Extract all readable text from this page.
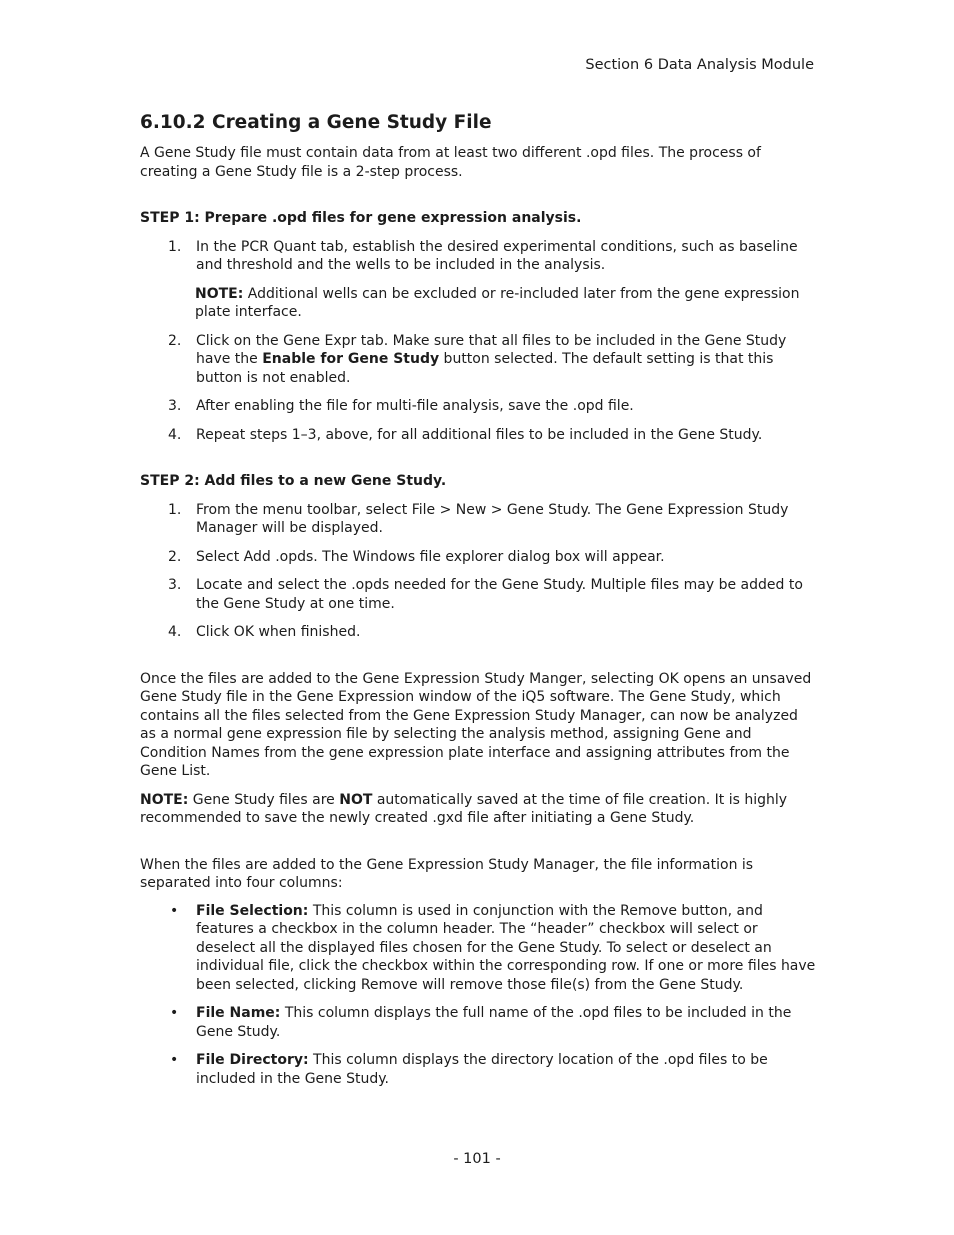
Section 6 Data Analysis Module
6.10.2 Creating a Gene Study File

A Gene Study file must contain data from at least two different .opd files. The process of creating a Gene Study file is a 2-step process.

STEP 1: Prepare .opd files for gene expression analysis.

1. In the PCR Quant tab, establish the desired experimental conditions, such as baseline and threshold and the wells to be included in the analysis.
NOTE: Additional wells can be excluded or re-included later from the gene expression plate interface.
2. Click on the Gene Expr tab. Make sure that all files to be included in the Gene Study have the Enable for Gene Study button selected. The default setting is that this button is not enabled.
3. After enabling the file for multi-file analysis, save the .opd file.
4. Repeat steps 1–3, above, for all additional files to be included in the Gene Study.

STEP 2: Add files to a new Gene Study.

1. From the menu toolbar, select File > New > Gene Study. The Gene Expression Study Manager will be displayed.
2. Select Add .opds. The Windows file explorer dialog box will appear.
3. Locate and select the .opds needed for the Gene Study. Multiple files may be added to the Gene Study at one time.
4. Click OK when finished.

Once the files are added to the Gene Expression Study Manger, selecting OK opens an unsaved Gene Study file in the Gene Expression window of the iQ5 software. The Gene Study, which contains all the files selected from the Gene Expression Study Manager, can now be analyzed as a normal gene expression file by selecting the analysis method, assigning Gene and Condition Names from the gene expression plate interface and assigning attributes from the Gene List.

NOTE: Gene Study files are NOT automatically saved at the time of file creation. It is highly recommended to save the newly created .gxd file after initiating a Gene Study.

When the files are added to the Gene Expression Study Manager, the file information is separated into four columns:

• File Selection: This column is used in conjunction with the Remove button, and features a checkbox in the column header. The “header” checkbox will select or deselect all the displayed files chosen for the Gene Study. To select or deselect an individual file, click the checkbox within the corresponding row. If one or more files have been selected, clicking Remove will remove those file(s) from the Gene Study.
• File Name: This column displays the full name of the .opd files to be included in the Gene Study.
• File Directory: This column displays the directory location of the .opd files to be included in the Gene Study.
- 101 -
